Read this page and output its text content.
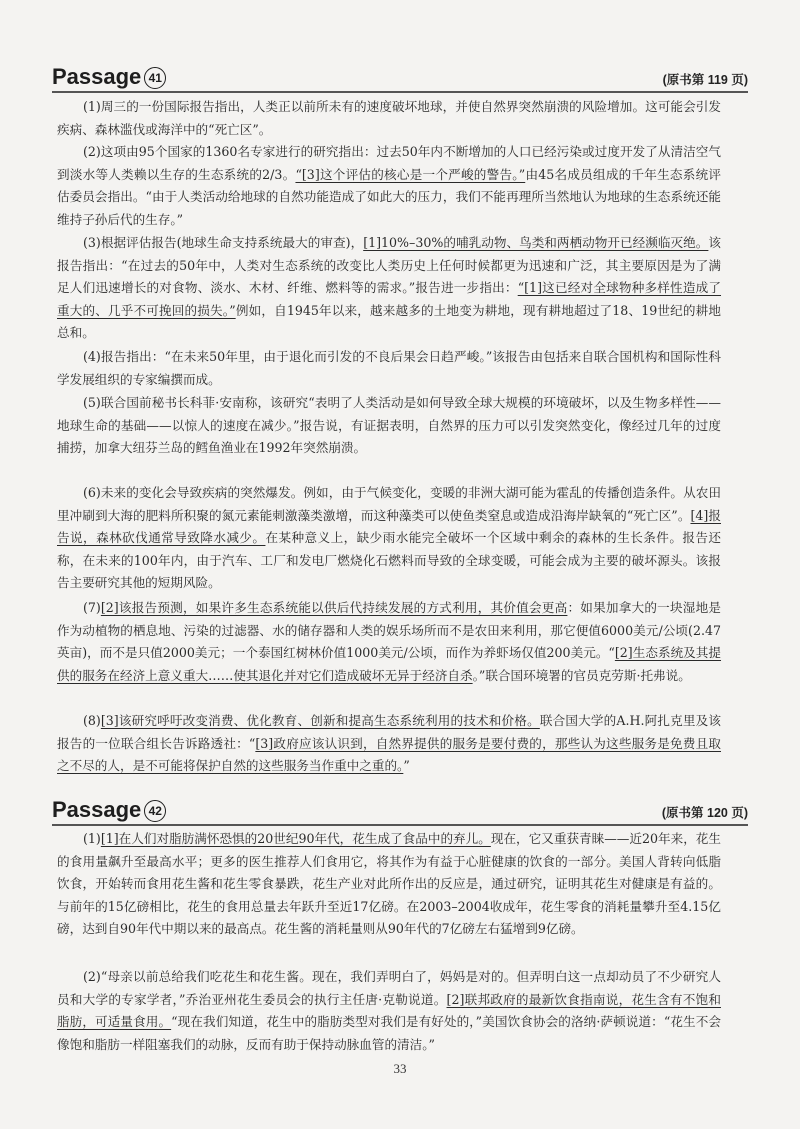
Passage 41	(原书第 119 页)

(1)周三的一份国际报告指出，人类正以前所未有的速度破坏地球，并使自然界突然崩溃的风险增加。这可能会引发疾病、森林滥伐或海洋中的“死亡区”。

(2)这项由95个国家的1360名专家进行的研究指出：过去50年内不断增加的人口已经污染或过度开发了从清洁空气到淡水等人类赖以生存的生态系统的2/3。“[3]这个评估的核心是一个严峻的警告。”由45名成员组成的千年生态系统评估委员会指出。“由于人类活动给地球的自然功能造成了如此大的压力，我们不能再理所当然地认为地球的生态系统还能维持子孙后代的生存。”

(3)根据评估报告(地球生命支持系统最大的审查)，[1]10%–30%的哺乳动物、鸟类和两栖动物开已经濒临灭绝。该报告指出：“在过去的50年中，人类对生态系统的改变比人类历史上任何时候都更为迅速和广泛，其主要原因是为了满足人们迅速增长的对食物、淡水、木材、纤维、燃料等的需求。”报告进一步指出：“[1]这已经对全球物种多样性造成了重大的、几乎不可挽回的损失。”例如，自1945年以来，越来越多的土地变为耕地，现有耕地超过了18、19世纪的耕地总和。

(4)报告指出：“在未来50年里，由于退化而引发的不良后果会日趋严峻。”该报告由包括来自联合国机构和国际性科学发展组织的专家编撰而成。

(5)联合国前秘书长科菲·安南称，该研究“表明了人类活动是如何导致全球大规模的环境破坏，以及生物多样性——地球生命的基础——以惊人的速度在减少。”报告说，有证据表明，自然界的压力可以引发突然变化，像经过几年的过度捕捞，加拿大纽芬兰岛的鳕鱼渔业在1992年突然崩溃。

(6)未来的变化会导致疾病的突然爆发。例如，由于气候变化，变暖的非洲大湖可能为霍乱的传播创造条件。从农田里冲刷到大海的肥料所积聚的氮元素能刺激藻类激增，而这种藻类可以使鱼类窒息或造成沿海岸缺氧的“死亡区”。[4]报告说，森林砍伐通常导致降水减少。在某种意义上，缺少雨水能完全破坏一个区域中剩余的森林的生长条件。报告还称，在未来的100年内，由于汽车、工厂和发电厂燃烧化石燃料而导致的全球变暖，可能会成为主要的破坏源头。该报告主要研究其他的短期风险。

(7)[2]该报告预测，如果许多生态系统能以供后代持续发展的方式利用，其价值会更高：如果加拿大的一块湿地是作为动植物的栖息地、污染的过滤器、水的储存器和人类的娱乐场所而不是农田来利用，那它便值6000美元/公顷(2.47英亩)，而不是只值2000美元；一个泰国红树林价值1000美元/公顷，而作为养虾场仅值200美元。“[2]生态系统及其提供的服务在经济上意义重大……使其退化并对它们造成破坏无异于经济自杀。”联合国环境署的官员克劳斯·托弗说。

(8)[3]该研究呼吁改变消费、优化教育、创新和提高生态系统利用的技术和价格。联合国大学的A.H.阿扎克里及该报告的一位联合组长告诉路透社：“[3]政府应该认识到，自然界提供的服务是要付费的，那些认为这些服务是免费且取之不尽的人，是不可能将保护自然的这些服务当作重中之重的。”

Passage 42	(原书第 120 页)

(1)[1]在人们对脂肪满怀恐惧的20世纪90年代，花生成了食品中的弃儿。现在，它又重获青睐——近20年来，花生的食用量飙升至最高水平；更多的医生推荐人们食用它，将其作为有益于心脏健康的饮食的一部分。美国人背转向低脂饮食，开始转而食用花生酱和花生零食暴跌，花生产业对此所作出的反应是，通过研究，证明其花生对健康是有益的。与前年的15亿磅相比，花生的食用总量去年跃升至近17亿磅。在2003–2004收成年，花生零食的消耗量攀升至4.15亿磅，达到自90年代中期以来的最高点。花生酱的消耗量则从90年代的7亿磅左右猛增到9亿磅。

(2)“母亲以前总给我们吃花生和花生酱。现在，我们弄明白了，妈妈是对的。但弄明白这一点却动员了不少研究人员和大学的专家学者，”乔治亚州花生委员会的执行主任唐·克勒说道。[2]联邦政府的最新饮食指南说，花生含有不饱和脂肪，可适量食用。“现在我们知道，花生中的脂肪类型对我们是有好处的，”美国饮食协会的洛纳·萨顿说道：“花生不会像饱和脂肪一样阻塞我们的动脉，反而有助于保持动脉血管的清洁。”

33
